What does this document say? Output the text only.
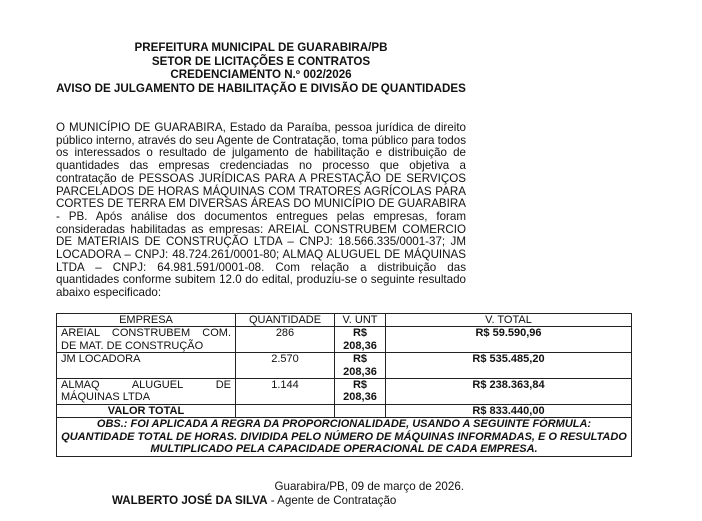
PREFEITURA MUNICIPAL DE GUARABIRA/PB
SETOR DE LICITAÇÕES E CONTRATOS
CREDENCIAMENTO N.º 002/2026
AVISO DE JULGAMENTO DE HABILITAÇÃO E DIVISÃO DE QUANTIDADES
O MUNICÍPIO DE GUARABIRA, Estado da Paraíba, pessoa jurídica de direito público interno, através do seu Agente de Contratação, toma público para todos os interessados o resultado de julgamento de habilitação e distribuição de quantidades das empresas credenciadas no processo que objetiva a contratação de PESSOAS JURÍDICAS PARA A PRESTAÇÃO DE SERVIÇOS PARCELADOS DE HORAS MÁQUINAS COM TRATORES AGRÍCOLAS PARA CORTES DE TERRA EM DIVERSAS ÁREAS DO MUNICÍPIO DE GUARABIRA - PB. Após análise dos documentos entregues pelas empresas, foram consideradas habilitadas as empresas: AREIAL CONSTRUBEM COMERCIO DE MATERIAIS DE CONSTRUÇÃO LTDA – CNPJ: 18.566.335/0001-37; JM LOCADORA – CNPJ: 48.724.261/0001-80; ALMAQ ALUGUEL DE MÁQUINAS LTDA – CNPJ: 64.981.591/0001-08. Com relação a distribuição das quantidades conforme subitem 12.0 do edital, produziu-se o seguinte resultado abaixo especificado:
EMPRESA	QUANTIDADE	V. UNT	V. TOTAL
AREIAL CONSTRUBEM COM. DE MAT. DE CONSTRUÇÃO	286	R$ 208,36	R$ 59.590,96
JM LOCADORA	2.570	R$ 208,36	R$ 535.485,20
ALMAQ ALUGUEL DE MÁQUINAS LTDA	1.144	R$ 208,36	R$ 238.363,84
VALOR TOTAL			R$ 833.440,00
OBS.: FOI APLICADA A REGRA DA PROPORCIONALIDADE, USANDO A SEGUINTE FÓRMULA: QUANTIDADE TOTAL DE HORAS. DIVIDIDA PELO NÚMERO DE MÁQUINAS INFORMADAS, E O RESULTADO MULTIPLICADO PELA CAPACIDADE OPERACIONAL DE CADA EMPRESA.			
Guarabira/PB, 09 de março de 2026.
WALBERTO JOSÉ DA SILVA - Agente de Contratação
